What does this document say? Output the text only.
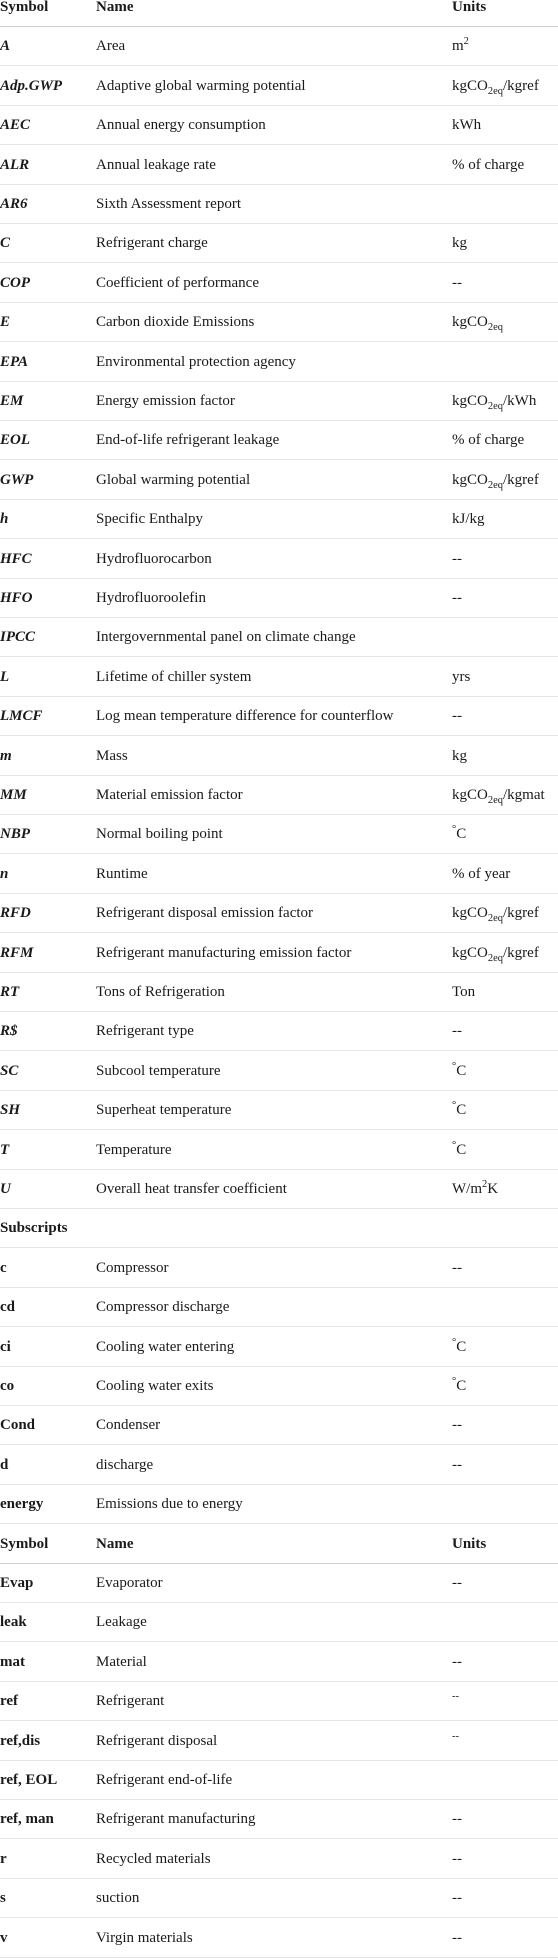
Symbol	Name	Units
A	Area	$m^2$
Adp.GWP	Adaptive global warming potential	kgCO$_{2eq}$/kgref
AEC	Annual energy consumption	kWh
ALR	Annual leakage rate	% of charge
AR6	Sixth Assessment report
C	Refrigerant charge	kg
COP	Coefficient of performance	--
E	Carbon dioxide Emissions	kgCO$_{2eq}$
EPA	Environmental protection agency
EM	Energy emission factor	kgCO$_{2eq}$/kWh
EOL	End-of-life refrigerant leakage	% of charge
GWP	Global warming potential	kgCO$_{2eq}$/kgref
h	Specific Enthalpy	kJ/kg
HFC	Hydrofluorocarbon	--
HFO	Hydrofluoroolefin	--
IPCC	Intergovernmental panel on climate change
L	Lifetime of chiller system	yrs
LMCF	Log mean temperature difference for counterflow	--
m	Mass	kg
MM	Material emission factor	kgCO$_{2eq}$/kgmat
NBP	Normal boiling point	°C
n	Runtime	% of year
RFD	Refrigerant disposal emission factor	kgCO$_{2eq}$/kgref
RFM	Refrigerant manufacturing emission factor	kgCO$_{2eq}$/kgref
RT	Tons of Refrigeration	Ton
R$	Refrigerant type	--
SC	Subcool temperature	°C
SH	Superheat temperature	°C
T	Temperature	°C
U	Overall heat transfer coefficient	$W/m^2K$
Subscripts
c	Compressor	--
cd	Compressor discharge
ci	Cooling water entering	°C
co	Cooling water exits	°C
Cond	Condenser	--
d	discharge	--
energy	Emissions due to energy
Symbol	Name	Units
Evap	Evaporator	--
leak	Leakage
mat	Material	--
ref	Refrigerant	--
ref,dis	Refrigerant disposal	--
ref, EOL	Refrigerant end-of-life
ref, man	Refrigerant manufacturing	--
r	Recycled materials	--
s	suction	--
v	Virgin materials	--
